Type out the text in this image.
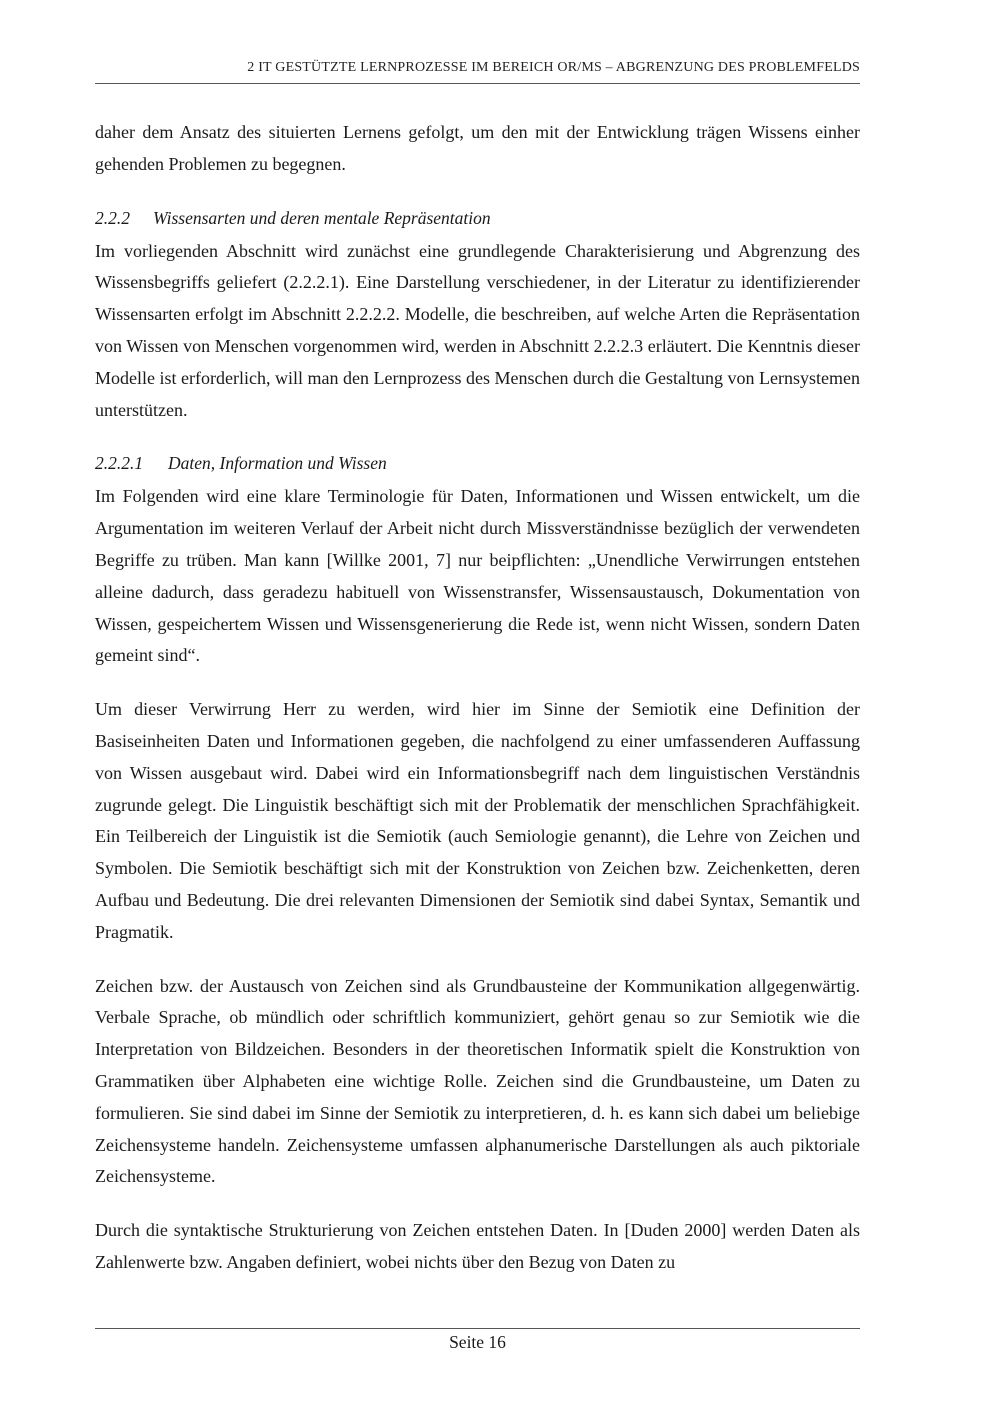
2 IT GESTÜTZTE LERNPROZESSE IM BEREICH OR/MS – ABGRENZUNG DES PROBLEMFELDS

daher dem Ansatz des situierten Lernens gefolgt, um den mit der Entwicklung trägen Wissens einher gehenden Problemen zu begegnen.

2.2.2	Wissensarten und deren mentale Repräsentation

Im vorliegenden Abschnitt wird zunächst eine grundlegende Charakterisierung und Abgrenzung des Wissensbegriffs geliefert (2.2.2.1). Eine Darstellung verschiedener, in der Literatur zu identifizierender Wissensarten erfolgt im Abschnitt 2.2.2.2. Modelle, die beschreiben, auf welche Arten die Repräsentation von Wissen von Menschen vorgenommen wird, werden in Abschnitt 2.2.2.3 erläutert. Die Kenntnis dieser Modelle ist erforderlich, will man den Lernprozess des Menschen durch die Gestaltung von Lernsystemen unterstützen.

2.2.2.1	Daten, Information und Wissen

Im Folgenden wird eine klare Terminologie für Daten, Informationen und Wissen entwickelt, um die Argumentation im weiteren Verlauf der Arbeit nicht durch Missverständnisse bezüglich der verwendeten Begriffe zu trüben. Man kann [Willke 2001, 7] nur beipflichten: „Unendliche Verwirrungen entstehen alleine dadurch, dass geradezu habituell von Wissenstransfer, Wissensaustausch, Dokumentation von Wissen, gespeichertem Wissen und Wissensgenerierung die Rede ist, wenn nicht Wissen, sondern Daten gemeint sind“.

Um dieser Verwirrung Herr zu werden, wird hier im Sinne der Semiotik eine Definition der Basiseinheiten Daten und Informationen gegeben, die nachfolgend zu einer umfassenderen Auffassung von Wissen ausgebaut wird. Dabei wird ein Informationsbegriff nach dem linguistischen Verständnis zugrunde gelegt. Die Linguistik beschäftigt sich mit der Problematik der menschlichen Sprachfähigkeit. Ein Teilbereich der Linguistik ist die Semiotik (auch Semiologie genannt), die Lehre von Zeichen und Symbolen. Die Semiotik beschäftigt sich mit der Konstruktion von Zeichen bzw. Zeichenketten, deren Aufbau und Bedeutung. Die drei relevanten Dimensionen der Semiotik sind dabei Syntax, Semantik und Pragmatik.

Zeichen bzw. der Austausch von Zeichen sind als Grundbausteine der Kommunikation allgegenwärtig. Verbale Sprache, ob mündlich oder schriftlich kommuniziert, gehört genau so zur Semiotik wie die Interpretation von Bildzeichen. Besonders in der theoretischen Informatik spielt die Konstruktion von Grammatiken über Alphabeten eine wichtige Rolle. Zeichen sind die Grundbausteine, um Daten zu formulieren. Sie sind dabei im Sinne der Semiotik zu interpretieren, d. h. es kann sich dabei um beliebige Zeichensysteme handeln. Zeichensysteme umfassen alphanumerische Darstellungen als auch piktoriale Zeichensysteme.

Durch die syntaktische Strukturierung von Zeichen entstehen Daten. In [Duden 2000] werden Daten als Zahlenwerte bzw. Angaben definiert, wobei nichts über den Bezug von Daten zu

Seite 16
